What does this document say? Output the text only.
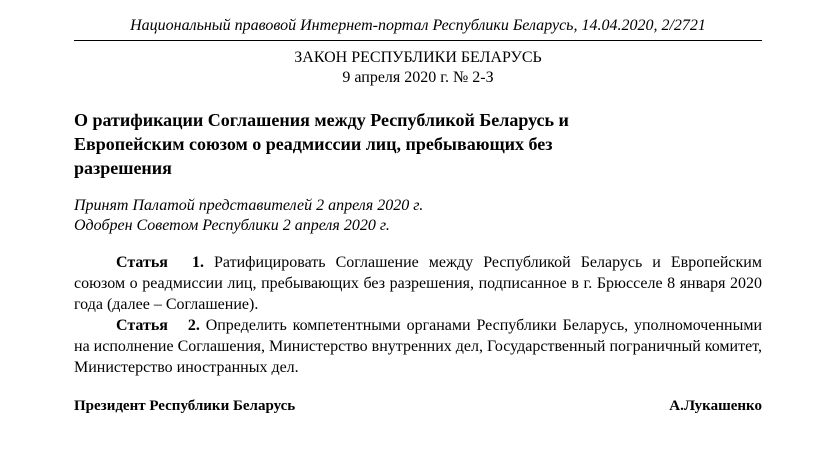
Национальный правовой Интернет-портал Республики Беларусь, 14.04.2020, 2/2721
ЗАКОН РЕСПУБЛИКИ БЕЛАРУСЬ
9 апреля 2020 г. № 2-З
О ратификации Соглашения между Республикой Беларусь и Европейским союзом о реадмиссии лиц, пребывающих без разрешения
Принят Палатой представителей 2 апреля 2020 г.
Одобрен Советом Республики 2 апреля 2020 г.

Статья 1. Ратифицировать Соглашение между Республикой Беларусь и Европейским союзом о реадмиссии лиц, пребывающих без разрешения, подписанное в г. Брюсселе 8 января 2020 года (далее – Соглашение).

Статья 2. Определить компетентными органами Республики Беларусь, уполномоченными на исполнение Соглашения, Министерство внутренних дел, Государственный пограничный комитет, Министерство иностранных дел.

Президент Республики Беларусь	А.Лукашенко
